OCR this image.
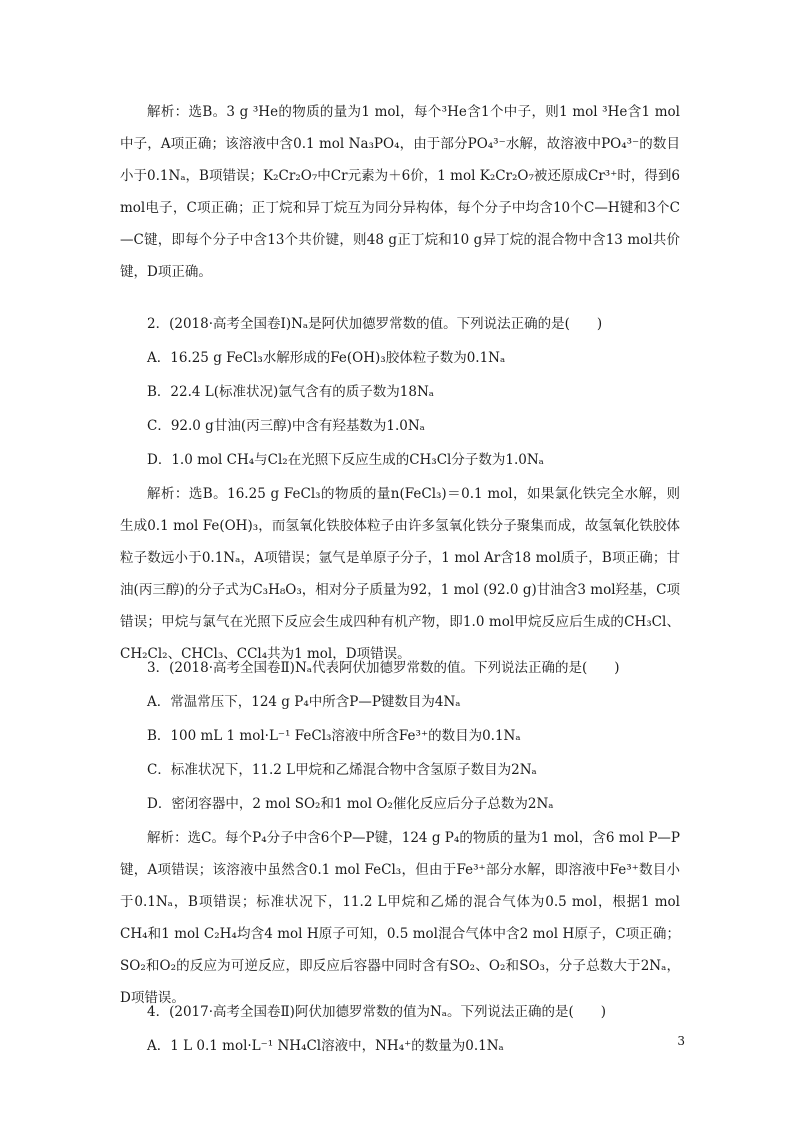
解析：选B。3 g ³He的物质的量为1 mol，每个³He含1个中子，则1 mol ³He含1 mol中子，A项正确；该溶液中含0.1 mol Na₃PO₄，由于部分PO₄³⁻水解，故溶液中PO₄³⁻的数目小于0.1Nₐ，B项错误；K₂Cr₂O₇中Cr元素为＋6价，1 mol K₂Cr₂O₇被还原成Cr³⁺时，得到6 mol电子，C项正确；正丁烷和异丁烷互为同分异构体，每个分子中均含10个C—H键和3个C—C键，即每个分子中含13个共价键，则48 g正丁烷和10 g异丁烷的混合物中含13 mol共价键，D项正确。

2．(2018·高考全国卷Ⅰ)Nₐ是阿伏加德罗常数的值。下列说法正确的是(　　)

A．16.25 g FeCl₃水解形成的Fe(OH)₃胶体粒子数为0.1Nₐ

B．22.4 L(标准状况)氩气含有的质子数为18Nₐ

C．92.0 g甘油(丙三醇)中含有羟基数为1.0Nₐ

D．1.0 mol CH₄与Cl₂在光照下反应生成的CH₃Cl分子数为1.0Nₐ

解析：选B。16.25 g FeCl₃的物质的量n(FeCl₃)＝0.1 mol，如果氯化铁完全水解，则生成0.1 mol Fe(OH)₃，而氢氧化铁胶体粒子由许多氢氧化铁分子聚集而成，故氢氧化铁胶体粒子数远小于0.1Nₐ，A项错误；氩气是单原子分子，1 mol Ar含18 mol质子，B项正确；甘油(丙三醇)的分子式为C₃H₈O₃，相对分子质量为92，1 mol (92.0 g)甘油含3 mol羟基，C项错误；甲烷与氯气在光照下反应会生成四种有机产物，即1.0 mol甲烷反应后生成的CH₃Cl、CH₂Cl₂、CHCl₃、CCl₄共为1 mol，D项错误。

3．(2018·高考全国卷Ⅱ)Nₐ代表阿伏加德罗常数的值。下列说法正确的是(　　)

A．常温常压下，124 g P₄中所含P—P键数目为4Nₐ

B．100 mL 1 mol·L⁻¹ FeCl₃溶液中所含Fe³⁺的数目为0.1Nₐ

C．标准状况下，11.2 L甲烷和乙烯混合物中含氢原子数目为2Nₐ

D．密闭容器中，2 mol SO₂和1 mol O₂催化反应后分子总数为2Nₐ

解析：选C。每个P₄分子中含6个P—P键，124 g P₄的物质的量为1 mol，含6 mol P—P键，A项错误；该溶液中虽然含0.1 mol FeCl₃，但由于Fe³⁺部分水解，即溶液中Fe³⁺数目小于0.1Nₐ，B项错误；标准状况下，11.2 L甲烷和乙烯的混合气体为0.5 mol，根据1 mol CH₄和1 mol C₂H₄均含4 mol H原子可知，0.5 mol混合气体中含2 mol H原子，C项正确；SO₂和O₂的反应为可逆反应，即反应后容器中同时含有SO₂、O₂和SO₃，分子总数大于2Nₐ，D项错误。

4．(2017·高考全国卷Ⅱ)阿伏加德罗常数的值为Nₐ。下列说法正确的是(　　)

A．1 L 0.1 mol·L⁻¹ NH₄Cl溶液中，NH₄⁺的数量为0.1Nₐ	3
